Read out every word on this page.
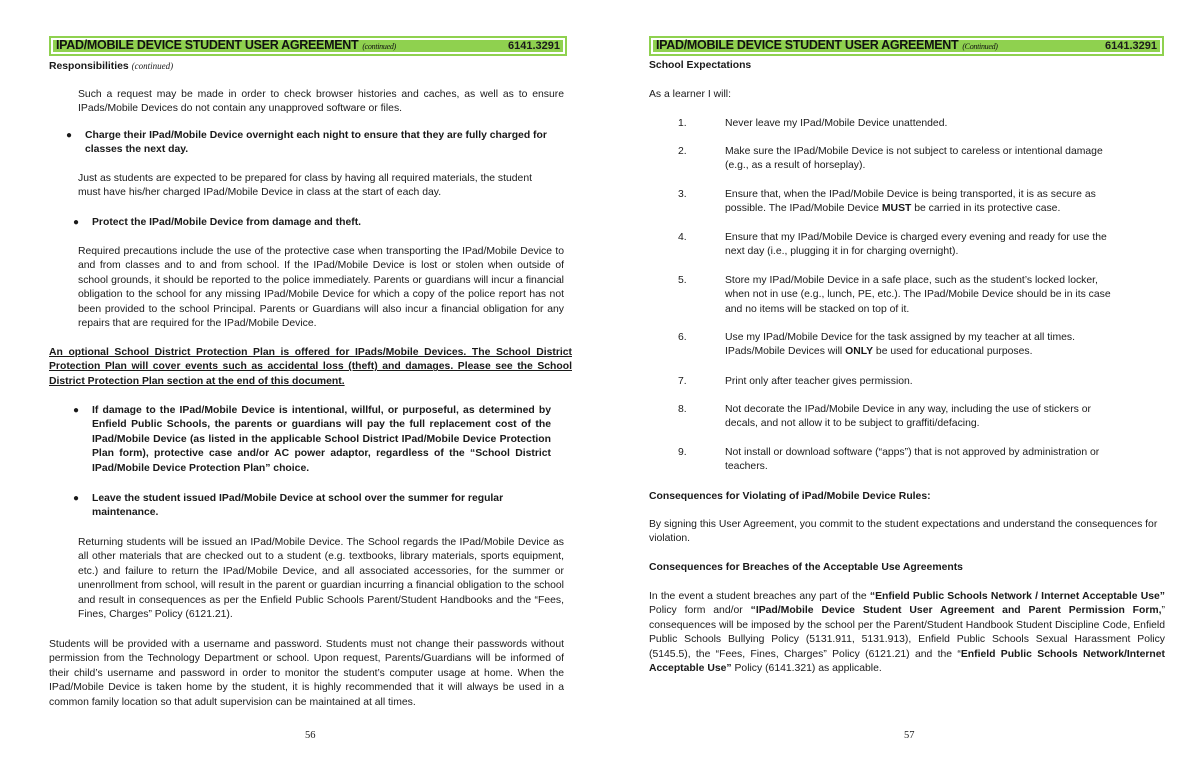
IPAD/MOBILE DEVICE STUDENT USER AGREEMENT (continued)	6141.3291
Responsibilities (continued)
Such a request may be made in order to check browser histories and caches, as well as to ensure IPads/Mobile Devices do not contain any unapproved software or files.
● Charge their IPad/Mobile Device overnight each night to ensure that they are fully charged for classes the next day.
Just as students are expected to be prepared for class by having all required materials, the student must have his/her charged IPad/Mobile Device in class at the start of each day.
● Protect the IPad/Mobile Device from damage and theft.
Required precautions include the use of the protective case when transporting the IPad/Mobile Device to and from classes and to and from school. If the IPad/Mobile Device is lost or stolen when outside of school grounds, it should be reported to the police immediately. Parents or guardians will incur a financial obligation to the school for any missing IPad/Mobile Device for which a copy of the police report has not been provided to the school Principal. Parents or Guardians will also incur a financial obligation for any repairs that are required for the IPad/Mobile Device.
An optional School District Protection Plan is offered for IPads/Mobile Devices. The School District Protection Plan will cover events such as accidental loss (theft) and damages. Please see the School District Protection Plan section at the end of this document.
● If damage to the IPad/Mobile Device is intentional, willful, or purposeful, as determined by Enfield Public Schools, the parents or guardians will pay the full replacement cost of the IPad/Mobile Device (as listed in the applicable School District IPad/Mobile Device Protection Plan form), protective case and/or AC power adaptor, regardless of the “School District IPad/Mobile Device Protection Plan” choice.
● Leave the student issued IPad/Mobile Device at school over the summer for regular maintenance.
Returning students will be issued an IPad/Mobile Device. The School regards the IPad/Mobile Device as all other materials that are checked out to a student (e.g. textbooks, library materials, sports equipment, etc.) and failure to return the IPad/Mobile Device, and all associated accessories, for the summer or unenrollment from school, will result in the parent or guardian incurring a financial obligation to the school and result in consequences as per the Enfield Public Schools Parent/Student Handbooks and the “Fees, Fines, Charges” Policy (6121.21).
Students will be provided with a username and password. Students must not change their passwords without permission from the Technology Department or school. Upon request, Parents/Guardians will be informed of their child’s username and password in order to monitor the student’s computer usage at home. When the IPad/Mobile Device is taken home by the student, it is highly recommended that it will always be used in a common family location so that adult supervision can be maintained at all times.
56
IPAD/MOBILE DEVICE STUDENT USER AGREEMENT (Continued)	6141.3291
School Expectations
As a learner I will:
1.	Never leave my IPad/Mobile Device unattended.
2.	Make sure the IPad/Mobile Device is not subject to careless or intentional damage (e.g., as a result of horseplay).
3.	Ensure that, when the IPad/Mobile Device is being transported, it is as secure as possible. The IPad/Mobile Device MUST be carried in its protective case.
4.	Ensure that my IPad/Mobile Device is charged every evening and ready for use the next day (i.e., plugging it in for charging overnight).
5.	Store my IPad/Mobile Device in a safe place, such as the student’s locked locker, when not in use (e.g., lunch, PE, etc.). The IPad/Mobile Device should be in its case and no items will be stacked on top of it.
6.	Use my IPad/Mobile Device for the task assigned by my teacher at all times. IPads/Mobile Devices will ONLY be used for educational purposes.
7.	Print only after teacher gives permission.
8.	Not decorate the IPad/Mobile Device in any way, including the use of stickers or decals, and not allow it to be subject to graffiti/defacing.
9.	Not install or download software (“apps”) that is not approved by administration or teachers.
Consequences for Violating of iPad/Mobile Device Rules:
By signing this User Agreement, you commit to the student expectations and understand the consequences for violation.
Consequences for Breaches of the Acceptable Use Agreements
In the event a student breaches any part of the “Enfield Public Schools Network / Internet Acceptable Use” Policy form and/or “IPad/Mobile Device Student User Agreement and Parent Permission Form,” consequences will be imposed by the school per the Parent/Student Handbook Student Discipline Code, Enfield Public Schools Bullying Policy (5131.911, 5131.913), Enfield Public Schools Sexual Harassment Policy (5145.5), the “Fees, Fines, Charges” Policy (6121.21) and the “Enfield Public Schools Network/Internet Acceptable Use” Policy (6141.321) as applicable.
57
